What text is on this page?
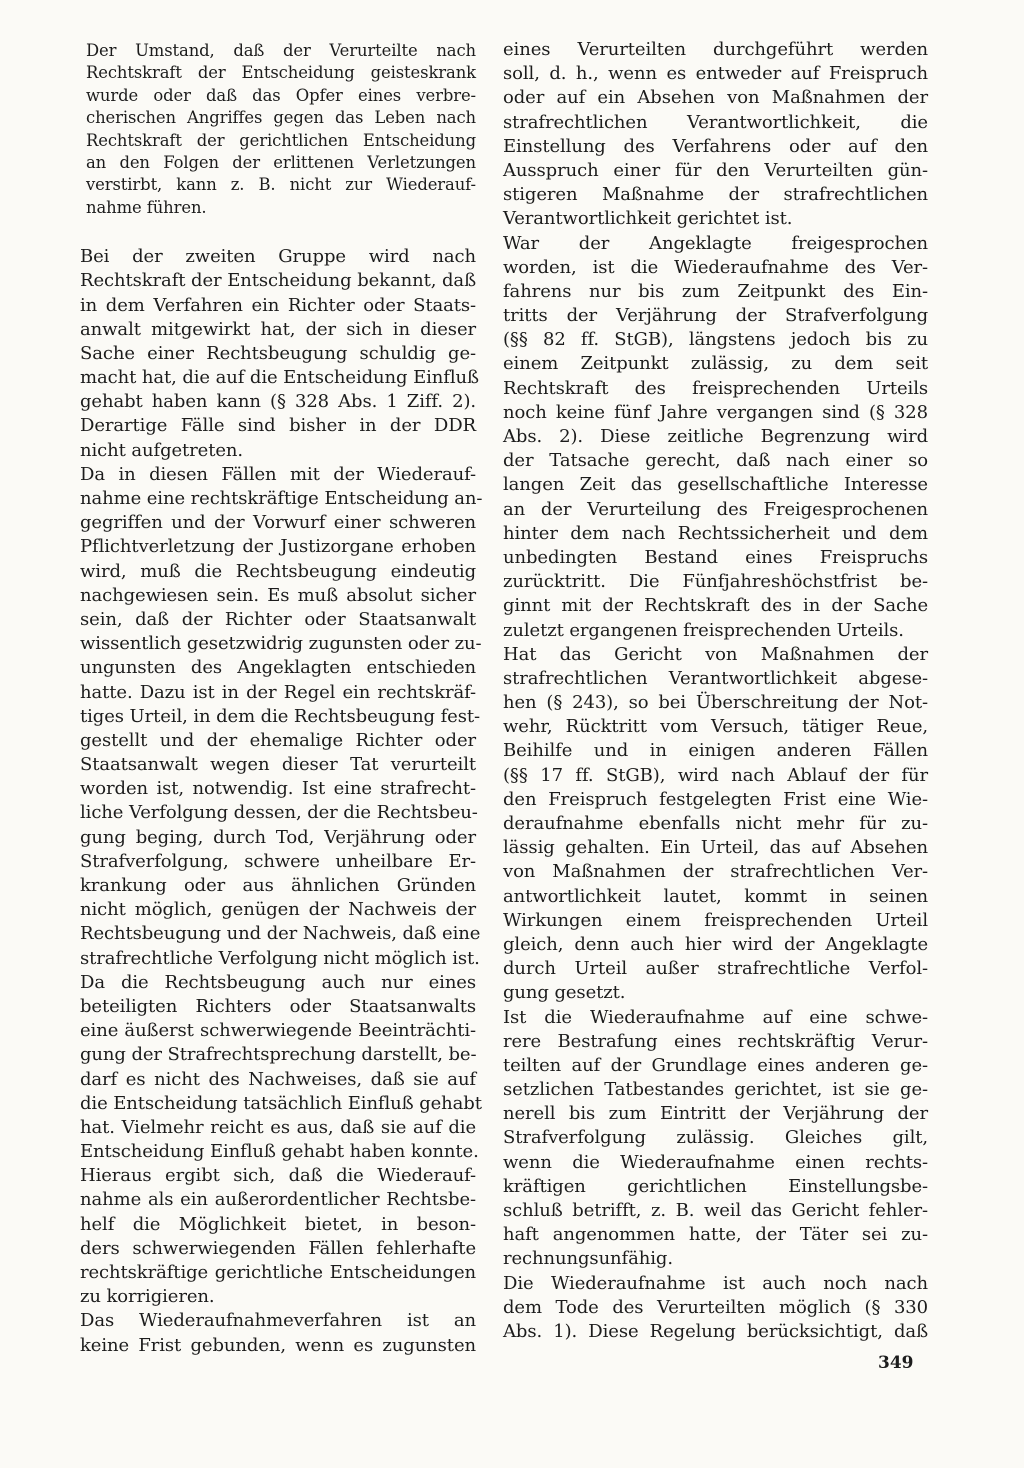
Der Umstand, daß der Verurteilte nach
Rechtskraft der Entscheidung geisteskrank
wurde oder daß das Opfer eines verbre-
cherischen Angriffes gegen das Leben nach
Rechtskraft der gerichtlichen Entscheidung
an den Folgen der erlittenen Verletzungen
verstirbt, kann z. B. nicht zur Wiederauf-
nahme führen.
Bei der zweiten Gruppe wird nach
Rechtskraft der Entscheidung bekannt, daß
in dem Verfahren ein Richter oder Staats-
anwalt mitgewirkt hat, der sich in dieser
Sache einer Rechtsbeugung schuldig ge-
macht hat, die auf die Entscheidung Einfluß
gehabt haben kann (§ 328 Abs. 1 Ziff. 2).
Derartige Fälle sind bisher in der DDR
nicht aufgetreten.
Da in diesen Fällen mit der Wiederauf-
nahme eine rechtskräftige Entscheidung an-
gegriffen und der Vorwurf einer schweren
Pflichtverletzung der Justizorgane erhoben
wird, muß die Rechtsbeugung eindeutig
nachgewiesen sein. Es muß absolut sicher
sein, daß der Richter oder Staatsanwalt
wissentlich gesetzwidrig zugunsten oder zu-
ungunsten des Angeklagten entschieden
hatte. Dazu ist in der Regel ein rechtskräf-
tiges Urteil, in dem die Rechtsbeugung fest-
gestellt und der ehemalige Richter oder
Staatsanwalt wegen dieser Tat verurteilt
worden ist, notwendig. Ist eine strafrecht-
liche Verfolgung dessen, der die Rechtsbeu-
gung beging, durch Tod, Verjährung oder
Strafverfolgung, schwere unheilbare Er-
krankung oder aus ähnlichen Gründen
nicht möglich, genügen der Nachweis der
Rechtsbeugung und der Nachweis, daß eine
strafrechtliche Verfolgung nicht möglich ist.
Da die Rechtsbeugung auch nur eines
beteiligten Richters oder Staatsanwalts
eine äußerst schwerwiegende Beeinträchti-
gung der Strafrechtsprechung darstellt, be-
darf es nicht des Nachweises, daß sie auf
die Entscheidung tatsächlich Einfluß gehabt
hat. Vielmehr reicht es aus, daß sie auf die
Entscheidung Einfluß gehabt haben konnte.
Hieraus ergibt sich, daß die Wiederauf-
nahme als ein außerordentlicher Rechtsbe-
helf die Möglichkeit bietet, in beson-
ders schwerwiegenden Fällen fehlerhafte
rechtskräftige gerichtliche Entscheidungen
zu korrigieren.
Das Wiederaufnahmeverfahren ist an
keine Frist gebunden, wenn es zugunsten
eines Verurteilten durchgeführt werden
soll, d. h., wenn es entweder auf Freispruch
oder auf ein Absehen von Maßnahmen der
strafrechtlichen Verantwortlichkeit, die
Einstellung des Verfahrens oder auf den
Ausspruch einer für den Verurteilten gün-
stigeren Maßnahme der strafrechtlichen
Verantwortlichkeit gerichtet ist.
War der Angeklagte freigesprochen
worden, ist die Wiederaufnahme des Ver-
fahrens nur bis zum Zeitpunkt des Ein-
tritts der Verjährung der Strafverfolgung
(§§ 82 ff. StGB), längstens jedoch bis zu
einem Zeitpunkt zulässig, zu dem seit
Rechtskraft des freisprechenden Urteils
noch keine fünf Jahre vergangen sind (§ 328
Abs. 2). Diese zeitliche Begrenzung wird
der Tatsache gerecht, daß nach einer so
langen Zeit das gesellschaftliche Interesse
an der Verurteilung des Freigesprochenen
hinter dem nach Rechtssicherheit und dem
unbedingten Bestand eines Freispruchs
zurücktritt. Die Fünfjahreshöchstfrist be-
ginnt mit der Rechtskraft des in der Sache
zuletzt ergangenen freisprechenden Urteils.
Hat das Gericht von Maßnahmen der
strafrechtlichen Verantwortlichkeit abgese-
hen (§ 243), so bei Überschreitung der Not-
wehr, Rücktritt vom Versuch, tätiger Reue,
Beihilfe und in einigen anderen Fällen
(§§ 17 ff. StGB), wird nach Ablauf der für
den Freispruch festgelegten Frist eine Wie-
deraufnahme ebenfalls nicht mehr für zu-
lässig gehalten. Ein Urteil, das auf Absehen
von Maßnahmen der strafrechtlichen Ver-
antwortlichkeit lautet, kommt in seinen
Wirkungen einem freisprechenden Urteil
gleich, denn auch hier wird der Angeklagte
durch Urteil außer strafrechtliche Verfol-
gung gesetzt.
Ist die Wiederaufnahme auf eine schwe-
rere Bestrafung eines rechtskräftig Verur-
teilten auf der Grundlage eines anderen ge-
setzlichen Tatbestandes gerichtet, ist sie ge-
nerell bis zum Eintritt der Verjährung der
Strafverfolgung zulässig. Gleiches gilt,
wenn die Wiederaufnahme einen rechts-
kräftigen gerichtlichen Einstellungsbe-
schluß betrifft, z. B. weil das Gericht fehler-
haft angenommen hatte, der Täter sei zu-
rechnungsunfähig.
Die Wiederaufnahme ist auch noch nach
dem Tode des Verurteilten möglich (§ 330
Abs. 1). Diese Regelung berücksichtigt, daß
349
